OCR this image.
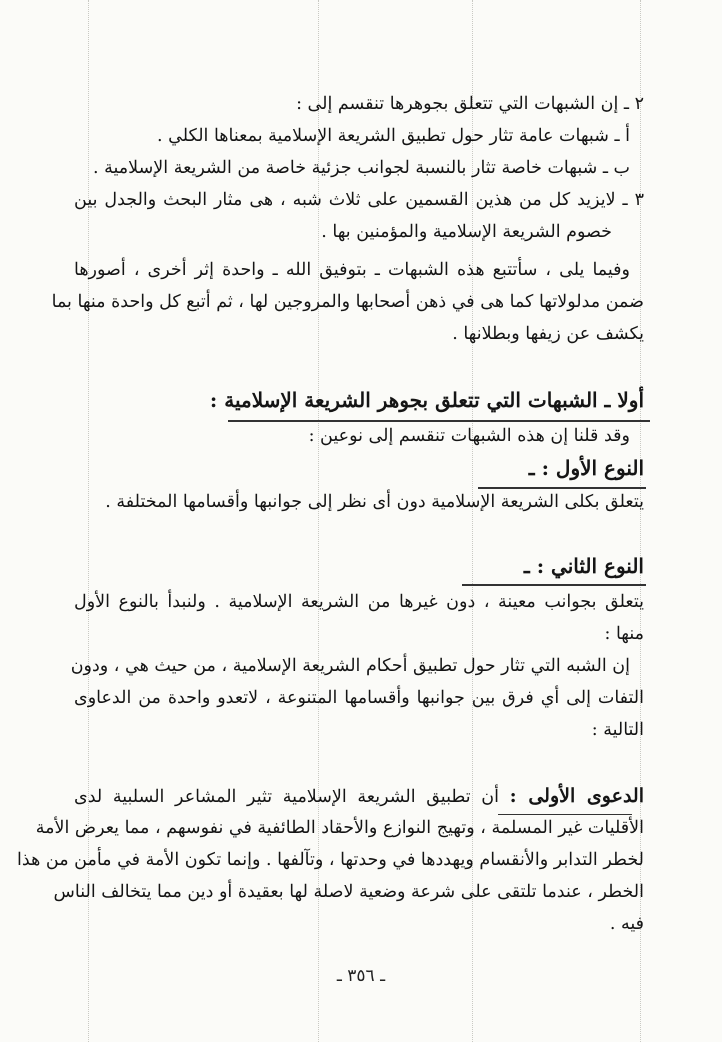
٢ ـ إن الشبهات التي تتعلق بجوهرها تنقسم إلى :
أ ـ شبهات عامة تثار حول تطبيق الشريعة الإسلامية بمعناها الكلي .
ب ـ شبهات خاصة تثار بالنسبة لجوانب جزئية خاصة من الشريعة الإسلامية .
٣ ـ لايزيد كل من هذين القسمين على ثلاث شبه ، هى مثار البحث والجدل بين
خصوم الشريعة الإسلامية والمؤمنين بها .
وفيما يلى ، سأتتبع هذه الشبهات ـ بتوفيق الله ـ واحدة إثر أخرى ، أصورها
ضمن مدلولاتها كما هى في ذهن أصحابها والمروجين لها ، ثم أتبع كل واحدة منها بما
يكشف عن زيفها وبطلانها .
أولا ـ الشبهات التي تتعلق بجوهر الشريعة الإسلامية :
وقد قلنا إن هذه الشبهات تنقسم إلى نوعين :
النوع الأول : ـ
يتعلق بكلى الشريعة الإسلامية دون أى نظر إلى جوانبها وأقسامها المختلفة .
النوع الثاني : ـ
يتعلق بجوانب معينة ، دون غيرها من الشريعة الإسلامية . ولنبدأ بالنوع الأول
منها :
إن الشبه التي تثار حول تطبيق أحكام الشريعة الإسلامية ، من حيث هي ، ودون
التفات إلى أي فرق بين جوانبها وأقسامها المتنوعة ، لاتعدو واحدة من الدعاوى
التالية :
الدعوى الأولى : أن تطبيق الشريعة الإسلامية تثير المشاعر السلبية لدى
الأقليات غير المسلمة ، وتهيج النوازع والأحقاد الطائفية في نفوسهم ، مما يعرض الأمة
لخطر التدابر والأنقسام ويهددها في وحدتها ، وتآلفها . وإنما تكون الأمة في مأمن من هذا
الخطر ، عندما تلتقى على شرعة وضعية لاصلة لها بعقيدة أو دين مما يتخالف الناس
فيه .
ـ ٣٥٦ ـ
